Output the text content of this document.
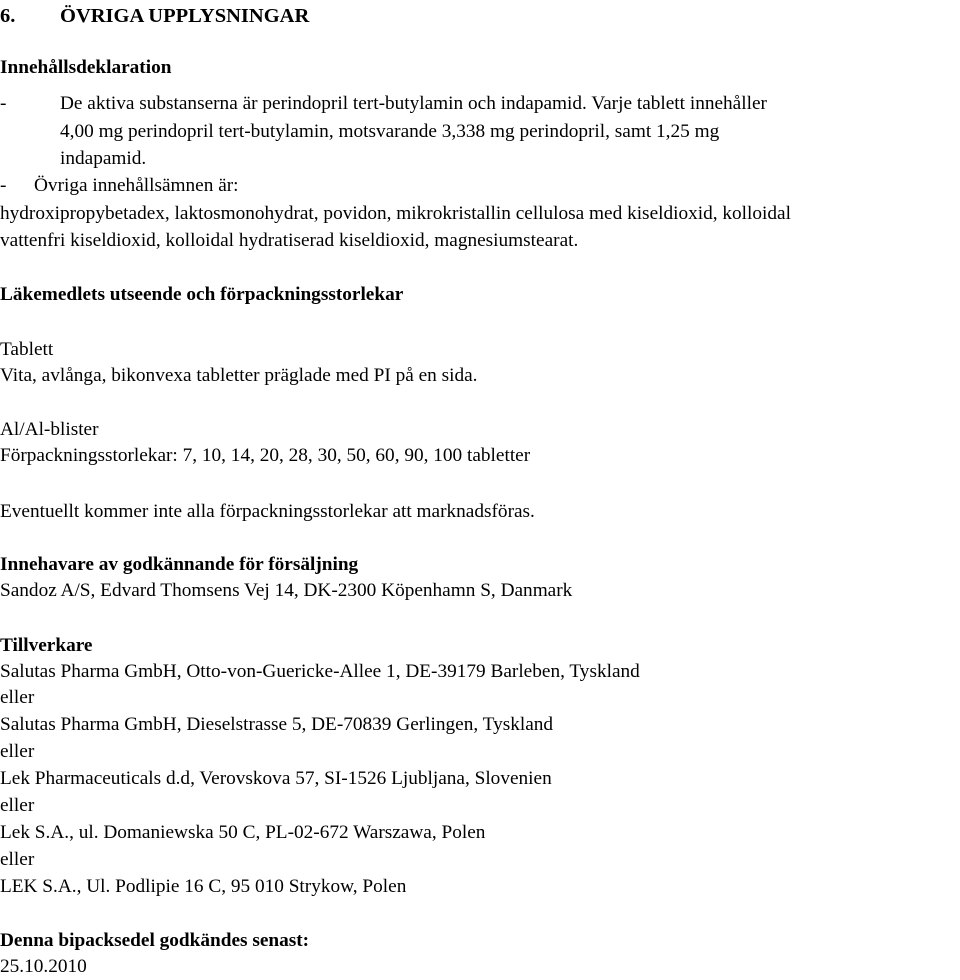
6. ÖVRIGA UPPLYSNINGAR
Innehållsdeklaration
-	De aktiva substanserna är perindopril tert-butylamin och indapamid. Varje tablett innehåller
4,00 mg perindopril tert-butylamin, motsvarande 3,338 mg perindopril, samt 1,25 mg
indapamid.
- Övriga innehållsämnen är:
hydroxipropybetadex, laktosmonohydrat, povidon, mikrokristallin cellulosa med kiseldioxid, kolloidal
vattenfri kiseldioxid, kolloidal hydratiserad kiseldioxid, magnesiumstearat.
Läkemedlets utseende och förpackningsstorlekar
Tablett
Vita, avlånga, bikonvexa tabletter präglade med PI på en sida.
Al/Al-blister
Förpackningsstorlekar: 7, 10, 14, 20, 28, 30, 50, 60, 90, 100 tabletter
Eventuellt kommer inte alla förpackningsstorlekar att marknadsföras.
Innehavare av godkännande för försäljning
Sandoz A/S, Edvard Thomsens Vej 14, DK-2300 Köpenhamn S, Danmark
Tillverkare
Salutas Pharma GmbH, Otto-von-Guericke-Allee 1, DE-39179 Barleben, Tyskland
eller
Salutas Pharma GmbH, Dieselstrasse 5, DE-70839 Gerlingen, Tyskland
eller
Lek Pharmaceuticals d.d, Verovskova 57, SI-1526 Ljubljana, Slovenien
eller
Lek S.A., ul. Domaniewska 50 C, PL-02-672 Warszawa, Polen
eller
LEK S.A., Ul. Podlipie 16 C, 95 010 Strykow, Polen
Denna bipacksedel godkändes senast:
25.10.2010
